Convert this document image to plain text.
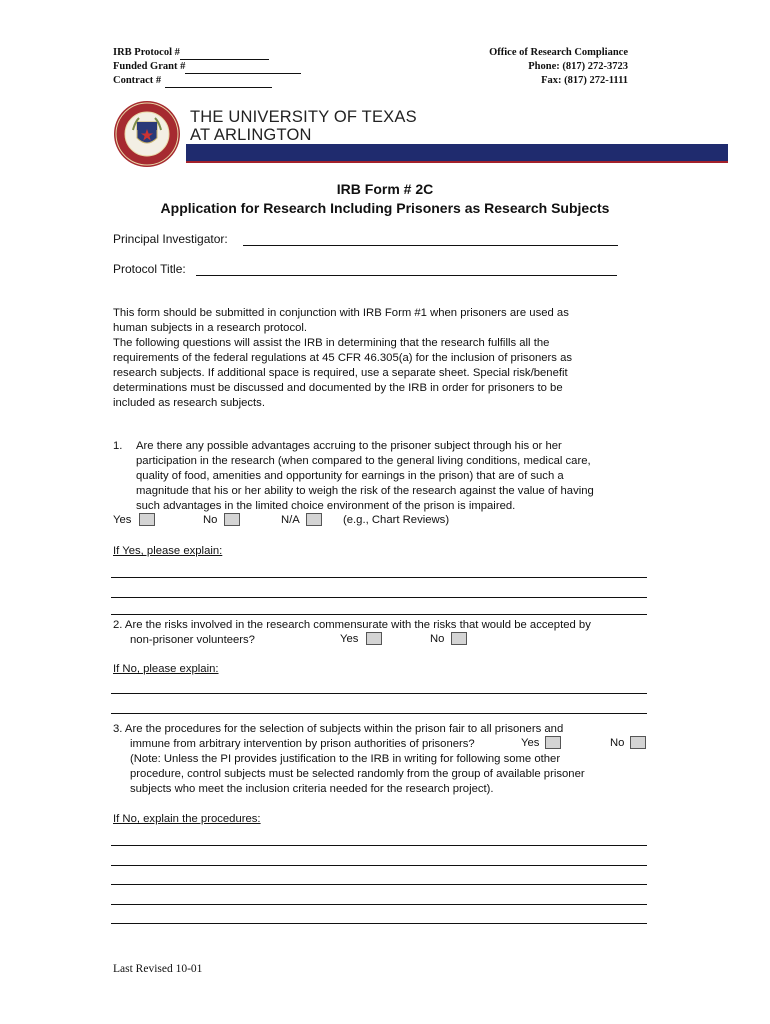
IRB Protocol #
Funded Grant #
Contract #
Office of Research Compliance
Phone: (817) 272-3723
Fax: (817) 272-1111
THE UNIVERSITY OF TEXAS
AT ARLINGTON
IRB Form # 2C
Application for Research Including Prisoners as Research Subjects
Principal Investigator:
Protocol Title:
This form should be submitted in conjunction with IRB Form #1 when prisoners are used as
human subjects in a research protocol.
The following questions will assist the IRB in determining that the research fulfills all the
requirements of the federal regulations at 45 CFR 46.305(a) for the inclusion of prisoners as
research subjects. If additional space is required, use a separate sheet. Special risk/benefit
determinations must be discussed and documented by the IRB in order for prisoners to be
included as research subjects.
1. Are there any possible advantages accruing to the prisoner subject through his or her
participation in the research (when compared to the general living conditions, medical care,
quality of food, amenities and opportunity for earnings in the prison) that are of such a
magnitude that his or her ability to weigh the risk of the research against the value of having
such advantages in the limited choice environment of the prison is impaired.
Yes	No	N/A	(e.g., Chart Reviews)
If Yes, please explain:
2. Are the risks involved in the research commensurate with the risks that would be accepted by
non-prisoner volunteers?	Yes	No
If No, please explain:
3. Are the procedures for the selection of subjects within the prison fair to all prisoners and
immune from arbitrary intervention by prison authorities of prisoners?	Yes	No
(Note: Unless the PI provides justification to the IRB in writing for following some other
procedure, control subjects must be selected randomly from the group of available prisoner
subjects who meet the inclusion criteria needed for the research project).
If No, explain the procedures:
Last Revised 10-01
